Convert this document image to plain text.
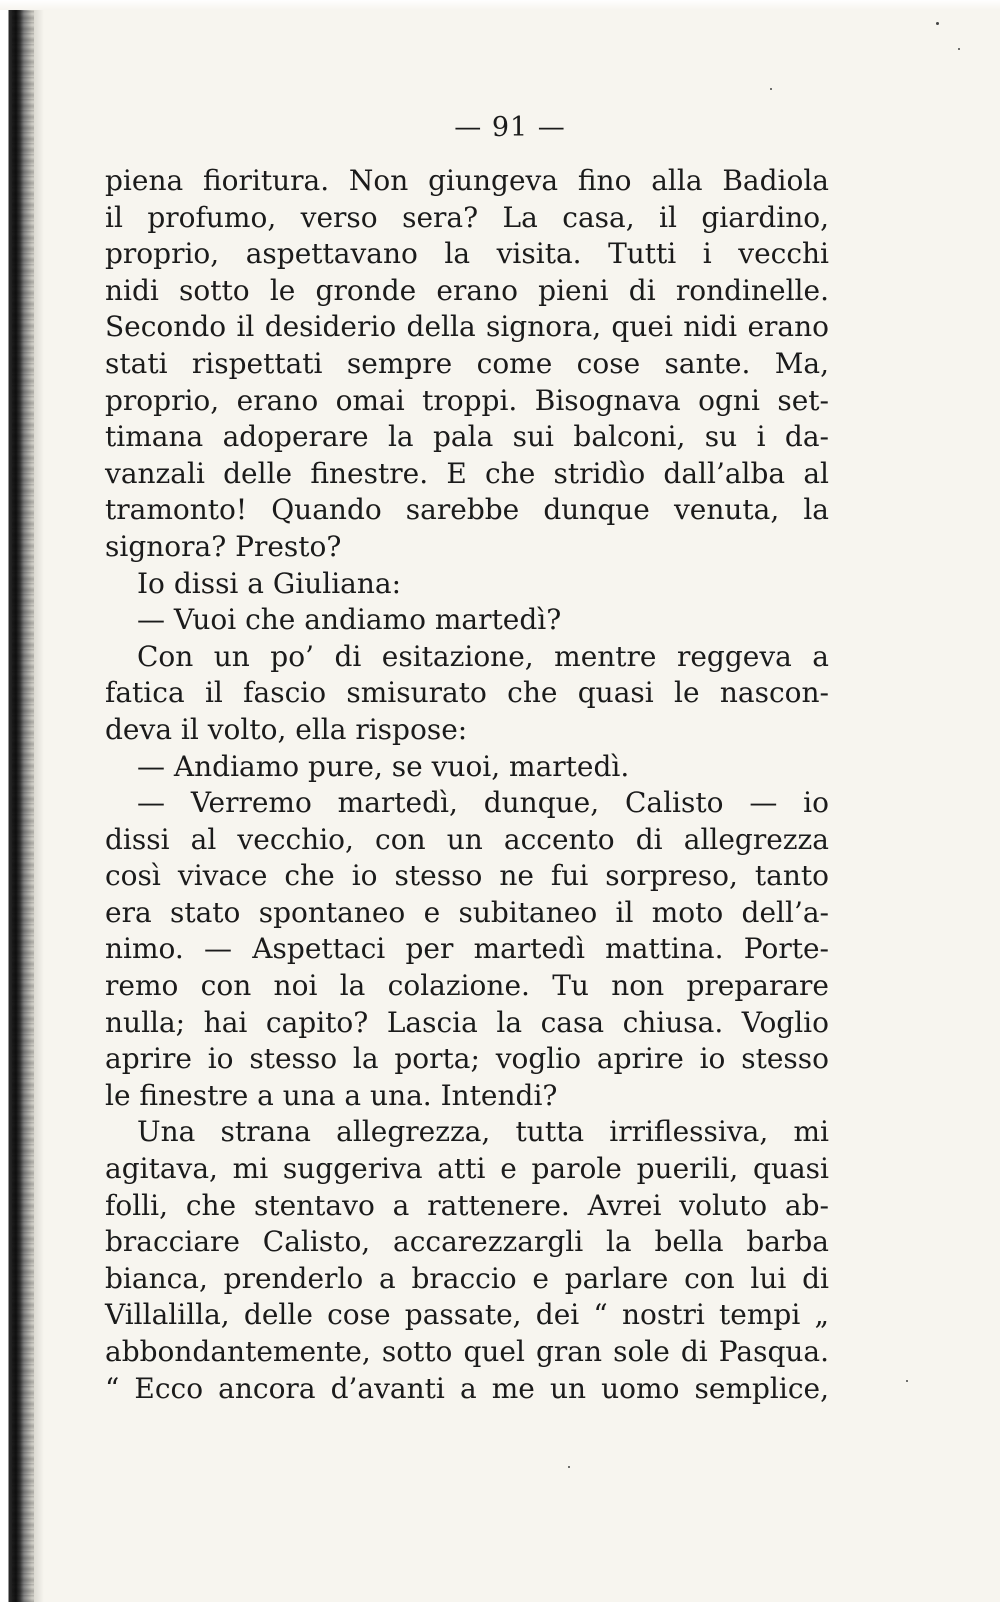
— 91 —
piena fioritura. Non giungeva fino alla Badiola
il profumo, verso sera? La casa, il giardino,
proprio, aspettavano la visita. Tutti i vecchi
nidi sotto le gronde erano pieni di rondinelle.
Secondo il desiderio della signora, quei nidi erano
stati rispettati sempre come cose sante. Ma,
proprio, erano omai troppi. Bisognava ogni set-
timana adoperare la pala sui balconi, su i da-
vanzali delle finestre. E che stridìo dall’alba al
tramonto! Quando sarebbe dunque venuta, la
signora? Presto?
Io dissi a Giuliana:
— Vuoi che andiamo martedì?
Con un po’ di esitazione, mentre reggeva a
fatica il fascio smisurato che quasi le nascon-
deva il volto, ella rispose:
— Andiamo pure, se vuoi, martedì.
— Verremo martedì, dunque, Calisto — io
dissi al vecchio, con un accento di allegrezza
così vivace che io stesso ne fui sorpreso, tanto
era stato spontaneo e subitaneo il moto dell’a-
nimo. — Aspettaci per martedì mattina. Porte-
remo con noi la colazione. Tu non preparare
nulla; hai capito? Lascia la casa chiusa. Voglio
aprire io stesso la porta; voglio aprire io stesso
le finestre a una a una. Intendi?
Una strana allegrezza, tutta irriflessiva, mi
agitava, mi suggeriva atti e parole puerili, quasi
folli, che stentavo a rattenere. Avrei voluto ab-
bracciare Calisto, accarezzargli la bella barba
bianca, prenderlo a braccio e parlare con lui di
Villalilla, delle cose passate, dei “ nostri tempi „
abbondantemente, sotto quel gran sole di Pasqua.
“ Ecco ancora d’avanti a me un uomo semplice,
